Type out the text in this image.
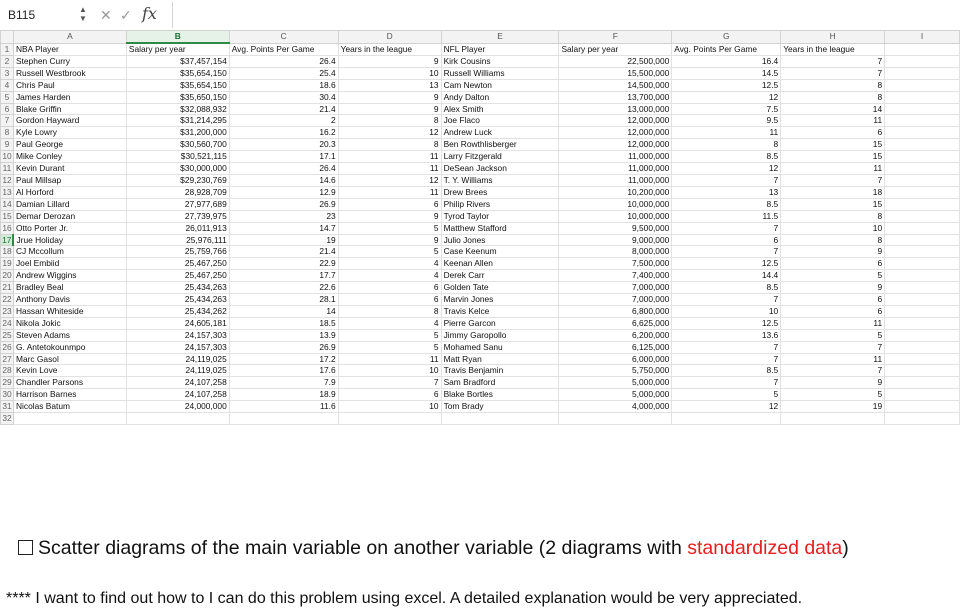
B115	▲
▼ ✕ ✓ fx
	A	B	C	D	E	F	G	H	I
1	NBA Player	Salary per year	Avg. Points Per Game	Years in the league	NFL Player	Salary per year	Avg. Points Per Game	Years in the league	
2	Stephen Curry	$37,457,154	26.4	9	Kirk Cousins	22,500,000	16.4	7	
3	Russell Westbrook	$35,654,150	25.4	10	Russell Williams	15,500,000	14.5	7	
4	Chris Paul	$35,654,150	18.6	13	Cam Newton	14,500,000	12.5	8	
5	James Harden	$35,650,150	30.4	9	Andy Dalton	13,700,000	12	8	
6	Blake Griffin	$32,088,932	21.4	9	Alex Smith	13,000,000	7.5	14	
7	Gordon Hayward	$31,214,295	2	8	Joe Flaco	12,000,000	9.5	11	
8	Kyle Lowry	$31,200,000	16.2	12	Andrew Luck	12,000,000	11	6	
9	Paul George	$30,560,700	20.3	8	Ben Rowthlisberger	12,000,000	8	15	
10	Mike Conley	$30,521,115	17.1	11	Larry Fitzgerald	11,000,000	8.5	15	
11	Kevin Durant	$30,000,000	26.4	11	DeSean Jackson	11,000,000	12	11	
12	Paul Millsap	$29,230,769	14.6	12	T. Y. Williams	11,000,000	7	7	
13	Al Horford	28,928,709	12.9	11	Drew Brees	10,200,000	13	18	
14	Damian Lillard	27,977,689	26.9	6	Philip Rivers	10,000,000	8.5	15	
15	Demar Derozan	27,739,975	23	9	Tyrod Taylor	10,000,000	11.5	8	
16	Otto Porter Jr.	26,011,913	14.7	5	Matthew Stafford	9,500,000	7	10	
17	Jrue Holiday	25,976,111	19	9	Julio Jones	9,000,000	6	8	
18	CJ Mccollum	25,759,766	21.4	5	Case Keenum	8,000,000	7	9	
19	Joel Embiid	25,467,250	22.9	4	Keenan Allen	7,500,000	12.5	6	
20	Andrew Wiggins	25,467,250	17.7	4	Derek Carr	7,400,000	14.4	5	
21	Bradley Beal	25,434,263	22.6	6	Golden Tate	7,000,000	8.5	9	
22	Anthony Davis	25,434,263	28.1	6	Marvin Jones	7,000,000	7	6	
23	Hassan Whiteside	25,434,262	14	8	Travis Kelce	6,800,000	10	6	
24	Nikola Jokic	24,605,181	18.5	4	Pierre Garcon	6,625,000	12.5	11	
25	Steven Adams	24,157,303	13.9	5	Jimmy Garopollo	6,200,000	13.6	5	
26	G. Antetokounmpo	24,157,303	26.9	5	Mohamed Sanu	6,125,000	7	7	
27	Marc Gasol	24,119,025	17.2	11	Matt Ryan	6,000,000	7	11	
28	Kevin Love	24,119,025	17.6	10	Travis Benjamin	5,750,000	8.5	7	
29	Chandler Parsons	24,107,258	7.9	7	Sam Bradford	5,000,000	7	9	
30	Harrison Barnes	24,107,258	18.9	6	Blake Bortles	5,000,000	5	5	
31	Nicolas Batum	24,000,000	11.6	10	Tom Brady	4,000,000	12	19	
32									
Scatter diagrams of the main variable on another variable (2 diagrams with standardized data)
**** I want to find out how to I can do this problem using excel. A detailed explanation would be very appreciated.
